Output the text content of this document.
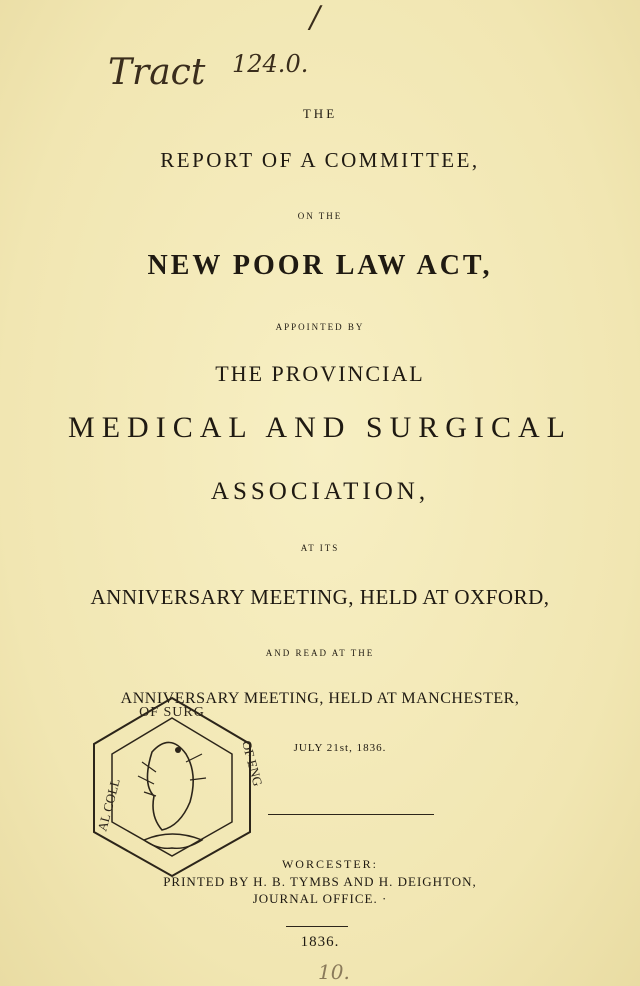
/
Tract 124.0.
THE
REPORT OF A COMMITTEE,
ON THE
NEW POOR LAW ACT,
APPOINTED BY
THE PROVINCIAL
MEDICAL AND SURGICAL
ASSOCIATION,
AT ITS
ANNIVERSARY MEETING, HELD AT OXFORD,
AND READ AT THE
ANNIVERSARY MEETING, HELD AT MANCHESTER,
JULY 21st, 1836.
WORCESTER:
PRINTED BY H. B. TYMBS AND H. DEIGHTON,
JOURNAL OFFICE. ·
1836.
10.
OF SURG
AL COLL
OF ENG
